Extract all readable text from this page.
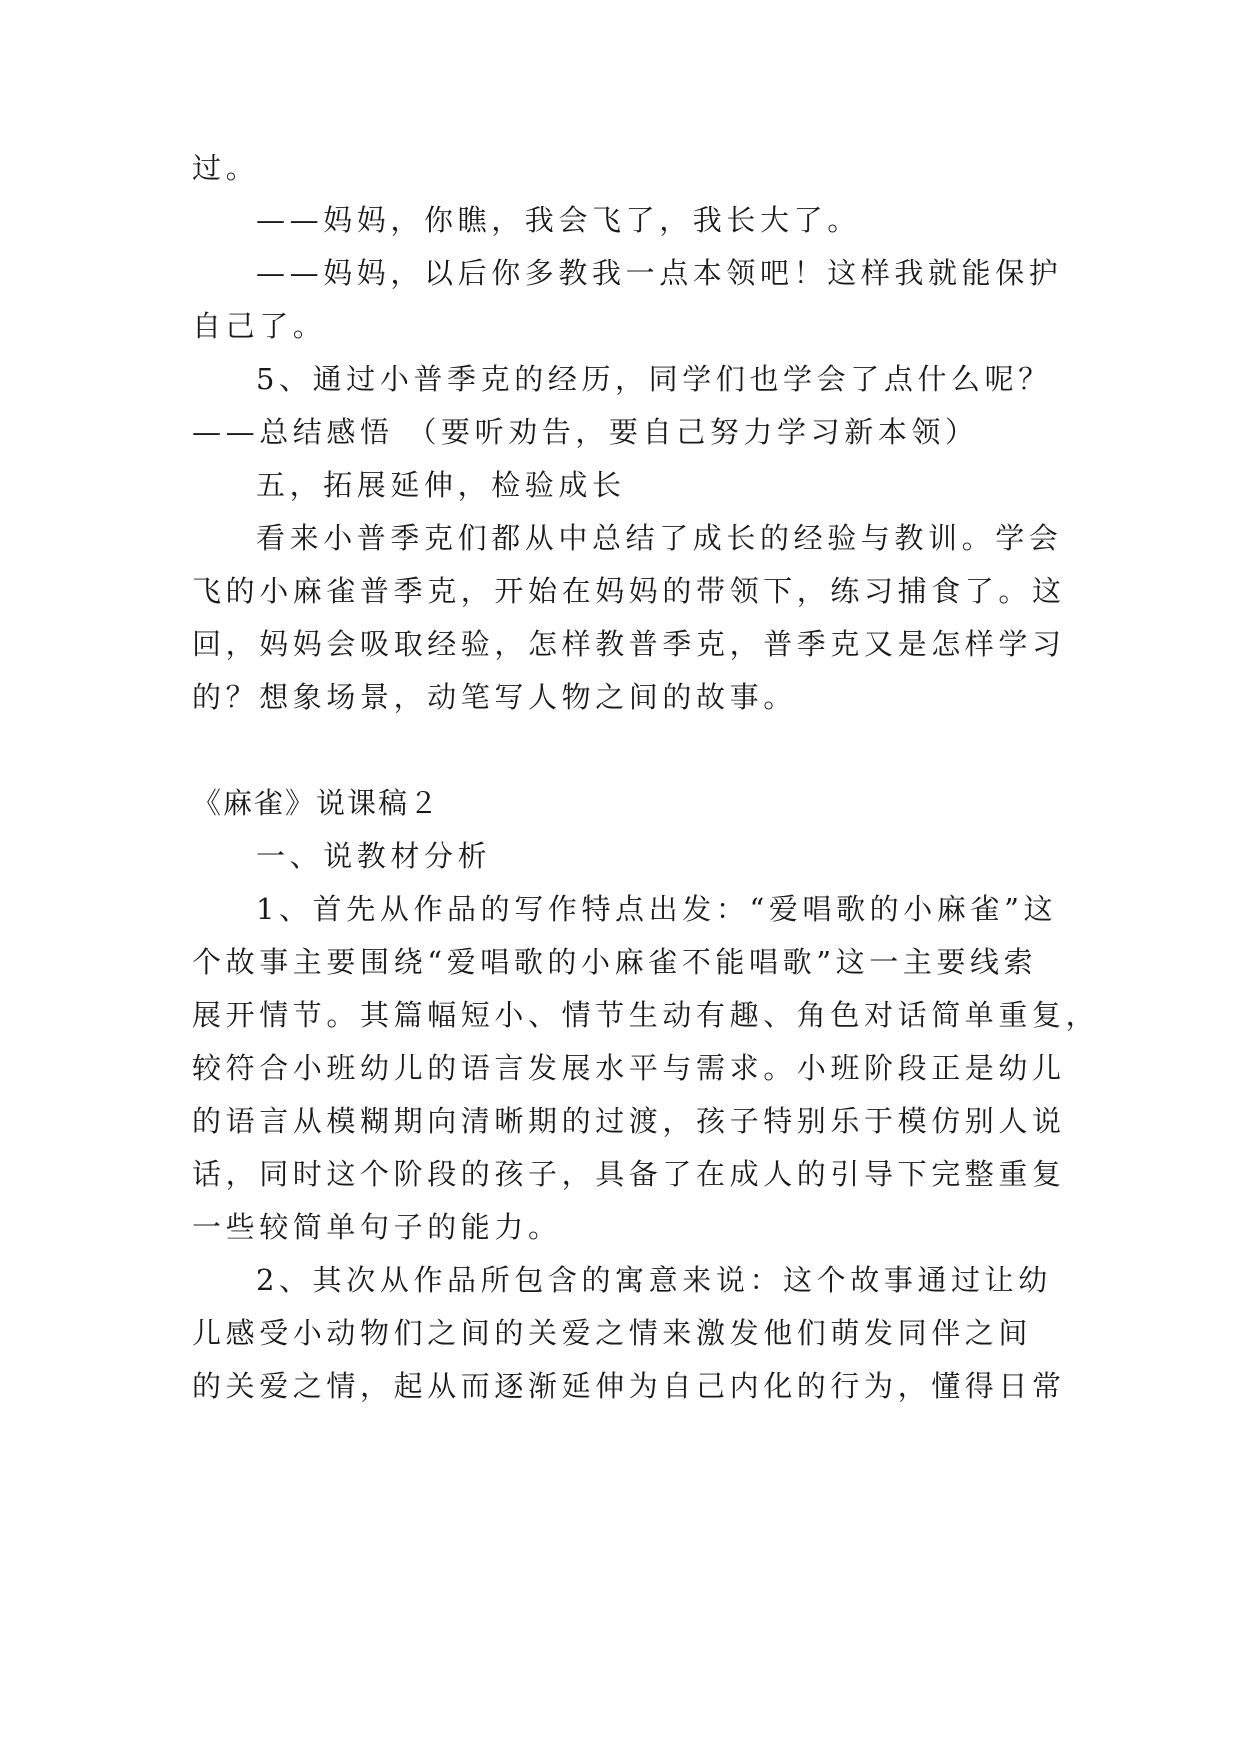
过。
——妈妈，你瞧，我会飞了，我长大了。
——妈妈，以后你多教我一点本领吧！这样我就能保护
自己了。
5、通过小普季克的经历，同学们也学会了点什么呢？
——总结感悟 （要听劝告，要自己努力学习新本领）
五，拓展延伸，检验成长
看来小普季克们都从中总结了成长的经验与教训。学会
飞的小麻雀普季克，开始在妈妈的带领下，练习捕食了。这
回，妈妈会吸取经验，怎样教普季克，普季克又是怎样学习
的？想象场景，动笔写人物之间的故事。
《麻雀》说课稿２
一、说教材分析
1、首先从作品的写作特点出发：“爱唱歌的小麻雀”这
个故事主要围绕“爱唱歌的小麻雀不能唱歌”这一主要线索
展开情节。其篇幅短小、情节生动有趣、角色对话简单重复，
较符合小班幼儿的语言发展水平与需求。小班阶段正是幼儿
的语言从模糊期向清晰期的过渡，孩子特别乐于模仿别人说
话，同时这个阶段的孩子，具备了在成人的引导下完整重复
一些较简单句子的能力。
2、其次从作品所包含的寓意来说：这个故事通过让幼
儿感受小动物们之间的关爱之情来激发他们萌发同伴之间
的关爱之情，起从而逐渐延伸为自己内化的行为，懂得日常
